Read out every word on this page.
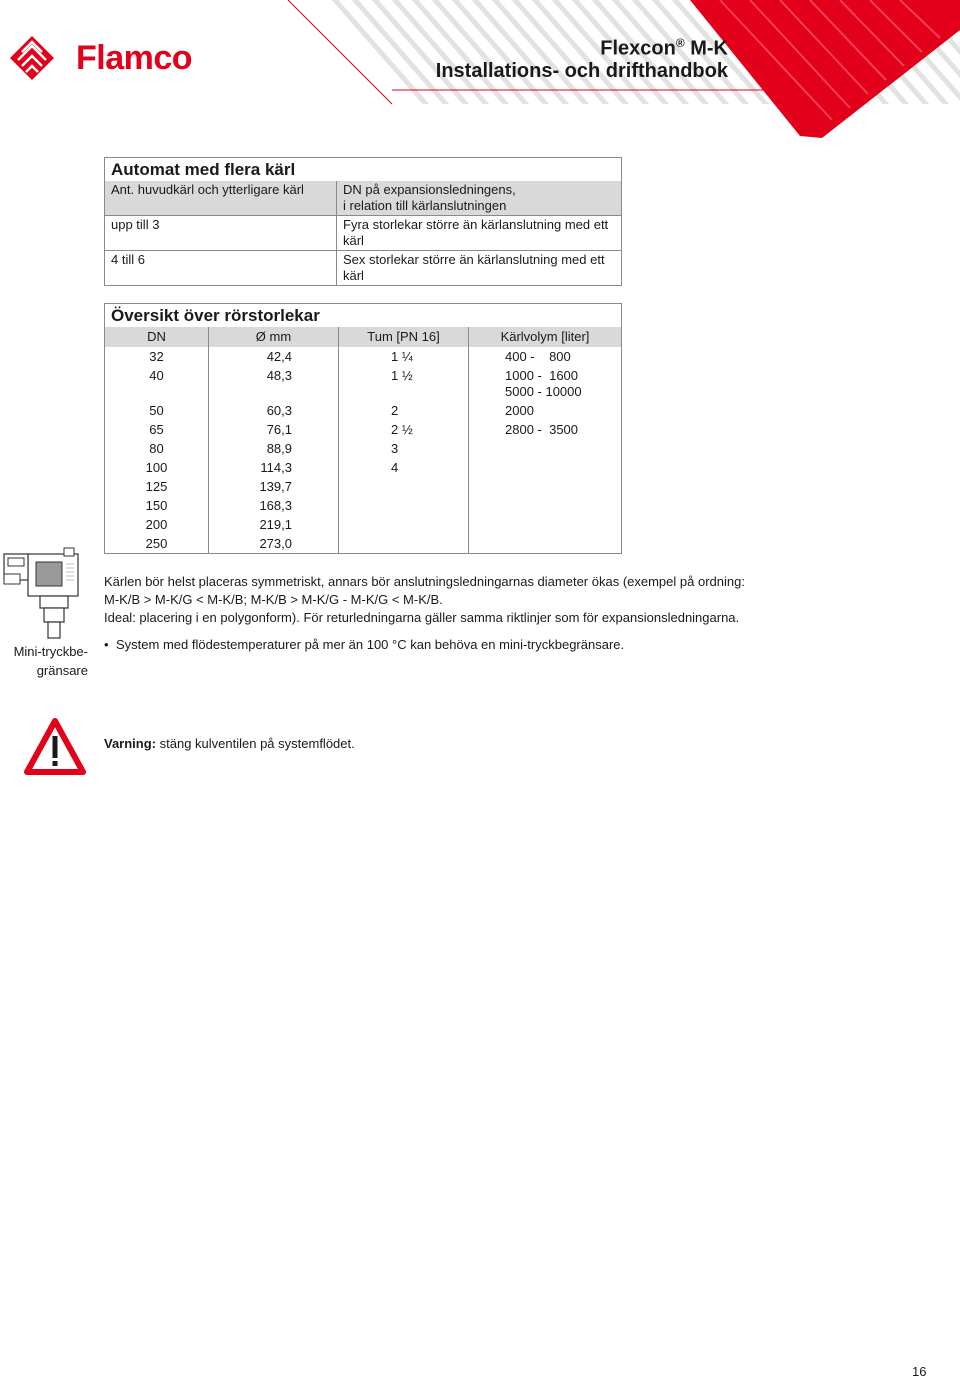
Flamco	Flexcon® M-K
Installations- och drifthandbok
Automat med flera kärl	
Ant. huvudkärl och ytterligare kärl	DN på expansionsledningens,
i relation till kärlanslutningen

upp till 3	Fyra storlekar större än kärlanslutning med ett kärl
4 till 6	Sex storlekar större än kärlanslutning med ett kärl
Översikt över rörstorlekar			
DN	Ø mm	Tum [PN 16]	Kärlvolym [liter]
32	42,4	1 ¼	400 -    800

40	48,3	1 ½	1000 -  1600
5000 - 10000

50	60,3	2	2000

65	76,1	2 ½	2800 -  3500

80	88,9	3	
100	114,3	4	
125	139,7		
150	168,3		
200	219,1		
250	273,0		
Mini-tryckbe-
gränsare

Kärlen bör helst placeras symmetriskt, annars bör anslutningsledningarnas diameter ökas (exempel på ordning:

M-K/B > M-K/G < M-K/B; M-K/B > M-K/G - M-K/G < M-K/B.

Ideal: placering i en polygonform). För returledningarna gäller samma riktlinjer som för expansionsledningarna.

• System med flödestemperaturer på mer än 100 °C kan behöva en mini-tryckbegränsare.
Varning: stäng kulventilen på systemflödet.
16
